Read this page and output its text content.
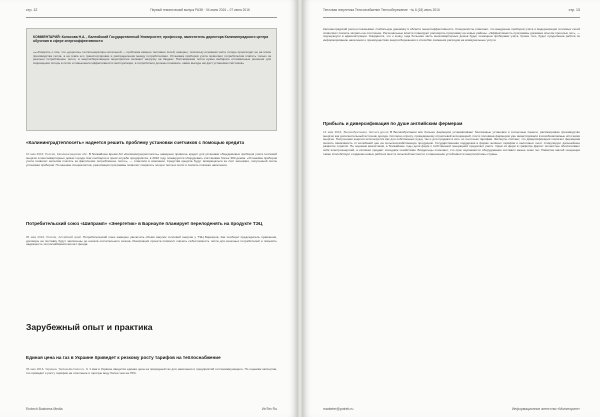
стр. 12	Первый тематический выпуск РАЭК · 04 июля 2016 – 07 июля 2016
КОММЕНТАРИЙ: Колосова Н.А. , Балтийский Государственный Университет, профессор, заместитель директора Калининградского центра обучения в сфере энергоэффективности
«««Говорить о том, что «дорогие» теплогенераторы котельной — проблема именно тепловых сетей, неверно, поскольку основная часть потерь происходит не на этапе производства тепла, а на этапе его транспортировки и распределения между потребителями. Установка приборов учёта позволяет потребителям платить только за реально потреблённое тепло, а энергосберегающие мероприятия снижают нагрузку на бюджет. Поставщикам тепла нужно выбирать оптимальные решения для сокращения потерь в сетях и повышения эффективности эксплуатации, а потребители должны понимать, какие выгоды им даст установка счётчиков»
«Калининградтеплосеть» надеется решить проблему установки счетчиков с помощью кредита

10 мая 2016, Россия, Калининградская обл. В ближайшее время АО «Калининградтеплосеть» намерено привлечь кредит для установки общедомовых приборов учёта тепловой энергии в многоквартирных домах города. Как сообщили в пресс-службе предприятия, в 2016 году планируется оборудовать счётчиками более 300 домов. «Установка приборов учёта позволит жителям платить за фактически потреблённое тепло», — отметили в компании. Средства кредита будут возвращаться за счёт экономии, полученной после установки приборов. По мнению специалистов, реализация программы позволит сократить потери тепла в сетях и снизить платежи населения.

Потребительский союз «Шипрамп» «Энергетик» в Барнауле планирует перелоденять на продукте ТЭЦ

06 мая 2016, Россия, Алтайский край. Потребительский союз намерен увеличить объём закупок тепловой энергии у ТЭЦ Барнаула. Как сообщил председатель правления, договоры на поставку будут заключены до начала отопительного сезона. Реализация проекта позволит снизить себестоимость тепла для конечных потребителей и повысить надёжность теплоснабжения жилого фонда.

Зарубежный опыт и практика
Единая цена на газ в Украине приведет к резкому росту тарифов на теплоснабжение

06 мая 2016, Украина, Teplosetitermaru.ru. С 1 мая в Украине вводится единая цена на природный газ для населения и предприятий теплокоммунэнерго. По оценкам экспертов, это приведёт к росту тарифов на отопление и горячую воду более чем на 70%.

Erotech Business Media	ИнТех Ru
Тепловая энергетика Теплоснабжение Теплосбережение · № 6 (18) июнь 2016	стр. 13
Калининградский регион показывает стабильную динамику в области энергоэффективности. Специалисты отмечают, что внедрение приборов учёта и модернизация тепловых сетей позволяют снизить затраты на отопление. Региональные власти планируют расширить программу на новые районы. «Эффективность программы доказана опытом прошлых лет», — подчеркнули в администрации. Ожидается, что к концу года большая часть многоквартирных домов будет оснащена приборами учёта. Кроме того, будет продолжена работа по информированию населения о преимуществах энергосбережения и способах снижения расходов на коммунальные услуги.
Прибыль и диверсификация по душе английским фермерам

13 мая 2016, Великобритания, farmers.gov.uk В Великобритании всё больше фермеров устанавливают биогазовые установки и солнечные панели, рассматривая производство энергии как дополнительный источник дохода. Согласно опросу, проведённому отраслевой ассоциацией, почти половина фермеров уже инвестировали в возобновляемые источники энергии. Полученная энергия используется как для собственных нужд, так и для продажи в сеть по льготным тарифам. Эксперты считают, что диверсификация помогает фермерам снизить зависимость от колебаний цен на сельскохозяйственную продукцию. Государственная поддержка в форме зелёных тарифов и налоговых льгот стимулирует дальнейшее развитие отрасли. По оценкам аналитиков, в ближайшие годы доля ферм с собственной генерацией продолжит расти. Одна из ферм в графстве Дорсет полностью обеспечивает себя электроэнергией, а излишки продаёт соседним хозяйствам. Владельцы отмечают, что срок окупаемости оборудования составил менее семи лет. Развитие малой генерации также способствует созданию новых рабочих мест в сельской местности и повышению устойчивости энергосистемы страны.

marketer@potreb.ru	Информационное агентство «Мониторинг»
